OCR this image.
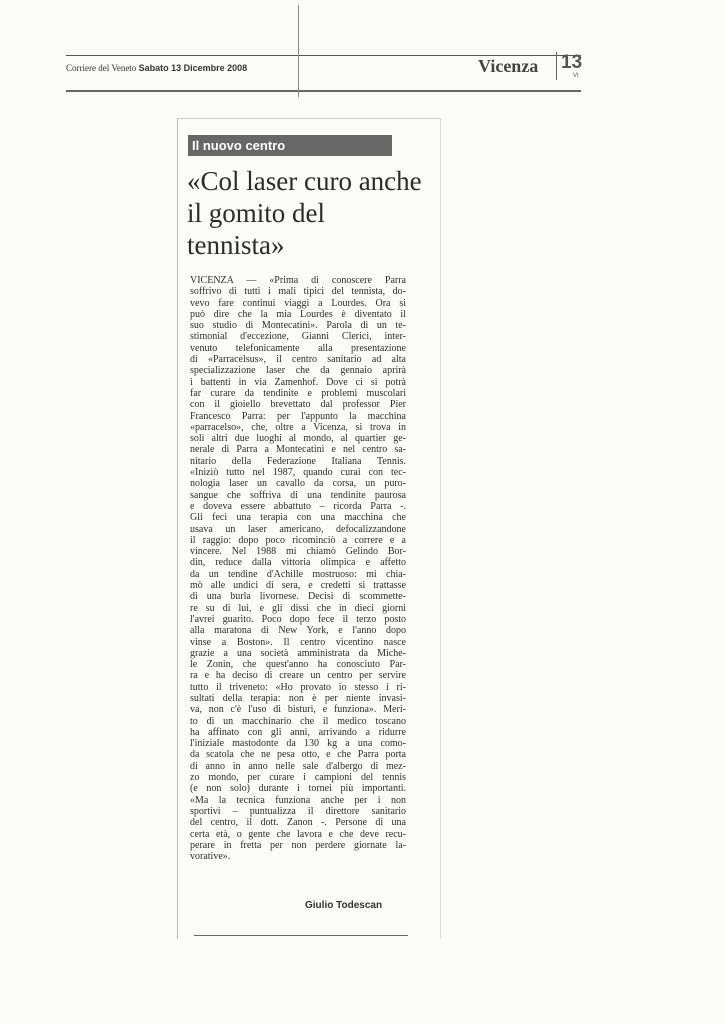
Corriere del Veneto Sabato 13 Dicembre 2008	Vicenza 13
VI
Il nuovo centro
«Col laser curo anche il gomito del tennista»
VICENZA — «Prima di conoscere Parra
soffrivo di tutti i mali tipici del tennista, do-
vevo fare continui viaggi a Lourdes. Ora si
può dire che la mia Lourdes è diventato il
suo studio di Montecatini». Parola di un te-
stimonial d'eccezione, Gianni Clerici, inter-
venuto telefonicamente alla presentazione
di «Parracelsus», il centro sanitario ad alta
specializzazione laser che da gennaio aprirà
i battenti in via Zamenhof. Dove ci si potrà
far curare da tendinite e problemi muscolari
con il gioiello brevettato dal professor Pier
Francesco Parra: per l'appunto la macchina
«parracelso», che, oltre a Vicenza, si trova in
soli altri due luoghi al mondo, al quartier ge-
nerale di Parra a Montecatini e nel centro sa-
nitario della Federazione Italiana Tennis.
«Iniziò tutto nel 1987, quando curai con tec-
nologia laser un cavallo da corsa, un puro-
sangue che soffriva di una tendinite paurosa
e doveva essere abbattuto – ricorda Parra -.
Gli feci una terapia con una macchina che
usava un laser americano, defocalizzandone
il raggio: dopo poco ricominciò a correre e a
vincere. Nel 1988 mi chiamò Gelindo Bor-
din, reduce dalla vittoria olimpica e affetto
da un tendine d'Achille mostruoso: mi chia-
mò alle undici di sera, e credetti si trattasse
di una burla livornese. Decisi di scommette-
re su di lui, e gli dissi che in dieci giorni
l'avrei guarito. Poco dopo fece il terzo posto
alla maratona di New York, e l'anno dopo
vinse a Boston». Il centro vicentino nasce
grazie a una società amministrata da Miche-
le Zonin, che quest'anno ha conosciuto Par-
ra e ha deciso di creare un centro per servire
tutto il triveneto: «Ho provato io stesso i ri-
sultati della terapia: non è per niente invasi-
va, non c'è l'uso di bisturi, e funziona». Meri-
to di un macchinario che il medico toscano
ha affinato con gli anni, arrivando a ridurre
l'iniziale mastodonte da 130 kg a una como-
da scatola che ne pesa otto, e che Parra porta
di anno in anno nelle sale d'albergo di mez-
zo mondo, per curare i campioni del tennis
(e non solo) durante i tornei più importanti.
«Ma la tecnica funziona anche per i non
sportivi – puntualizza il direttore sanitario
del centro, il dott. Zanon -. Persone di una
certa età, o gente che lavora e che deve recu-
perare in fretta per non perdere giornate la-
vorative».
Giulio Todescan
